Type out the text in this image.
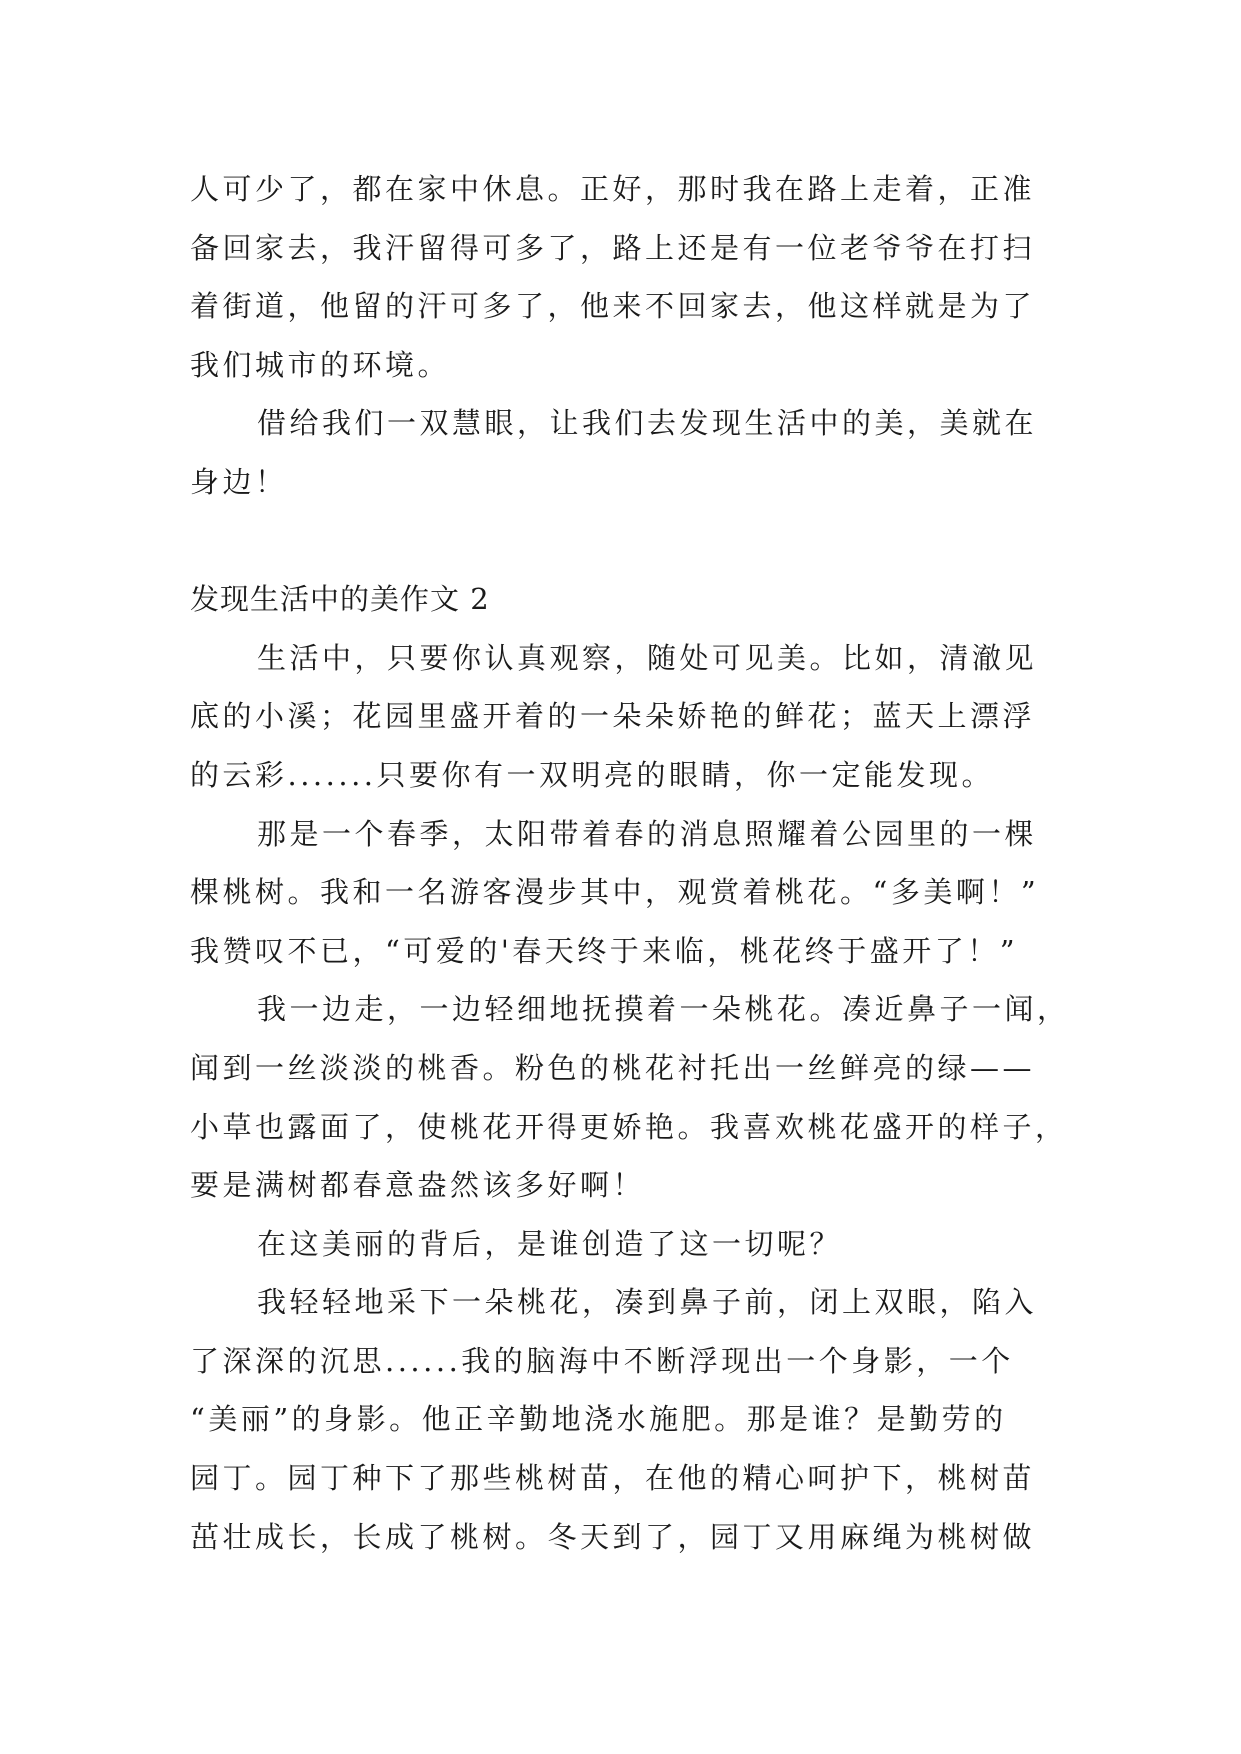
人可少了，都在家中休息。正好，那时我在路上走着，正准
备回家去，我汗留得可多了，路上还是有一位老爷爷在打扫
着街道，他留的汗可多了，他来不回家去，他这样就是为了
我们城市的环境。
借给我们一双慧眼，让我们去发现生活中的美，美就在
身边！
发现生活中的美作文 2
生活中，只要你认真观察，随处可见美。比如，清澈见
底的小溪；花园里盛开着的一朵朵娇艳的鲜花；蓝天上漂浮
的云彩.......只要你有一双明亮的眼睛，你一定能发现。
那是一个春季，太阳带着春的消息照耀着公园里的一棵
棵桃树。我和一名游客漫步其中，观赏着桃花。“多美啊！”
我赞叹不已，“可爱的'春天终于来临，桃花终于盛开了！”
我一边走，一边轻细地抚摸着一朵桃花。凑近鼻子一闻，
闻到一丝淡淡的桃香。粉色的桃花衬托出一丝鲜亮的绿——
小草也露面了，使桃花开得更娇艳。我喜欢桃花盛开的样子，
要是满树都春意盎然该多好啊！
在这美丽的背后，是谁创造了这一切呢？
我轻轻地采下一朵桃花，凑到鼻子前，闭上双眼，陷入
了深深的沉思......我的脑海中不断浮现出一个身影，一个
“美丽”的身影。他正辛勤地浇水施肥。那是谁？是勤劳的
园丁。园丁种下了那些桃树苗，在他的精心呵护下，桃树苗
茁壮成长，长成了桃树。冬天到了，园丁又用麻绳为桃树做
